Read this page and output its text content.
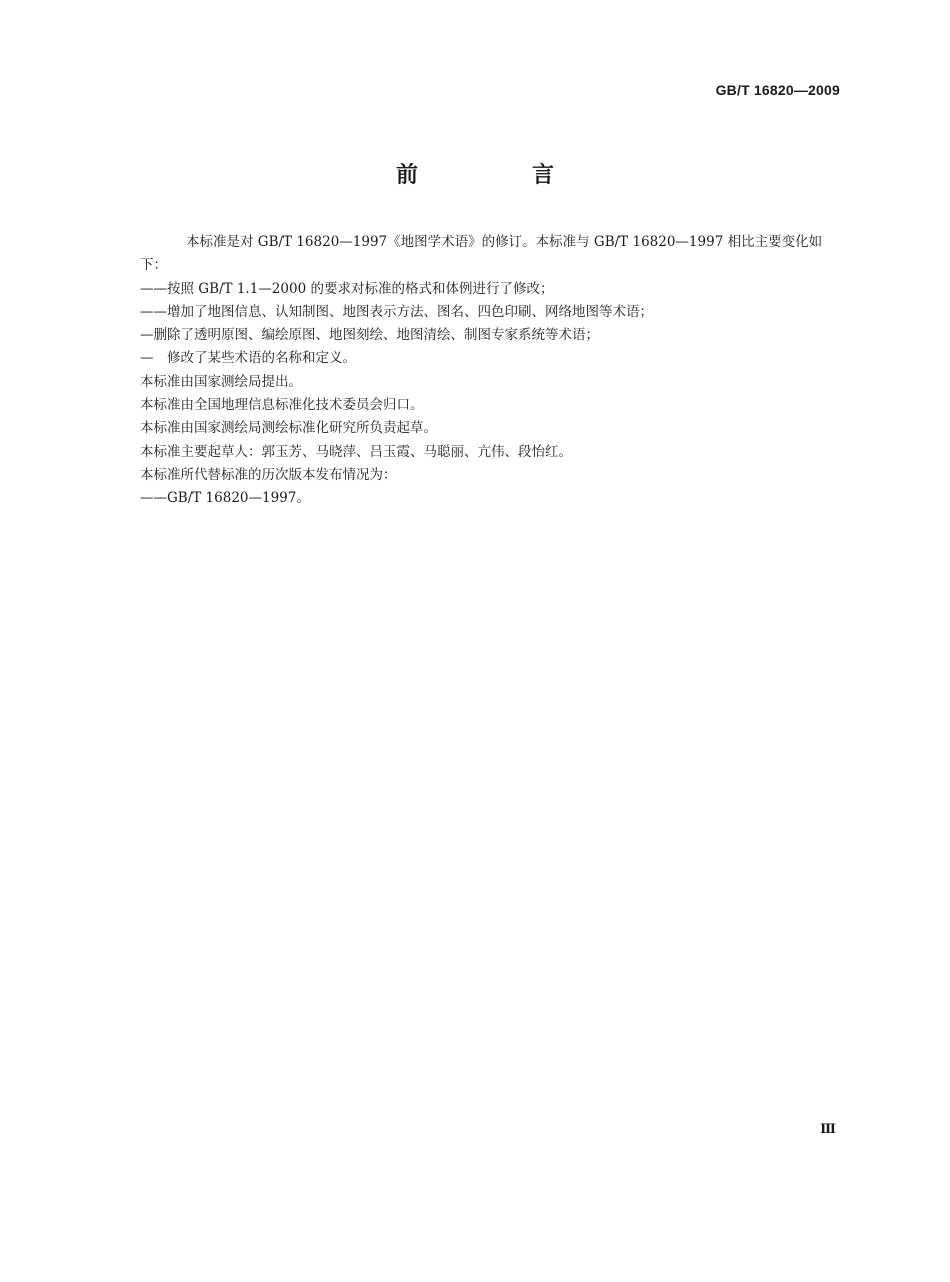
GB/T 16820—2009
前　言

本标准是对 GB/T 16820—1997《地图学术语》的修订。本标准与 GB/T 16820—1997 相比主要变化如下：

——按照 GB/T 1.1—2000 的要求对标准的格式和体例进行了修改；

——增加了地图信息、认知制图、地图表示方法、图名、四色印刷、网络地图等术语；

—删除了透明原图、编绘原图、地图刻绘、地图清绘、制图专家系统等术语；

—　修改了某些术语的名称和定义。

本标准由国家测绘局提出。

本标准由全国地理信息标准化技术委员会归口。

本标准由国家测绘局测绘标准化研究所负责起草。

本标准主要起草人：郭玉芳、马晓萍、吕玉霞、马聪丽、亢伟、段怡红。

本标准所代替标准的历次版本发布情况为：

——GB/T 16820—1997。

Ⅲ
